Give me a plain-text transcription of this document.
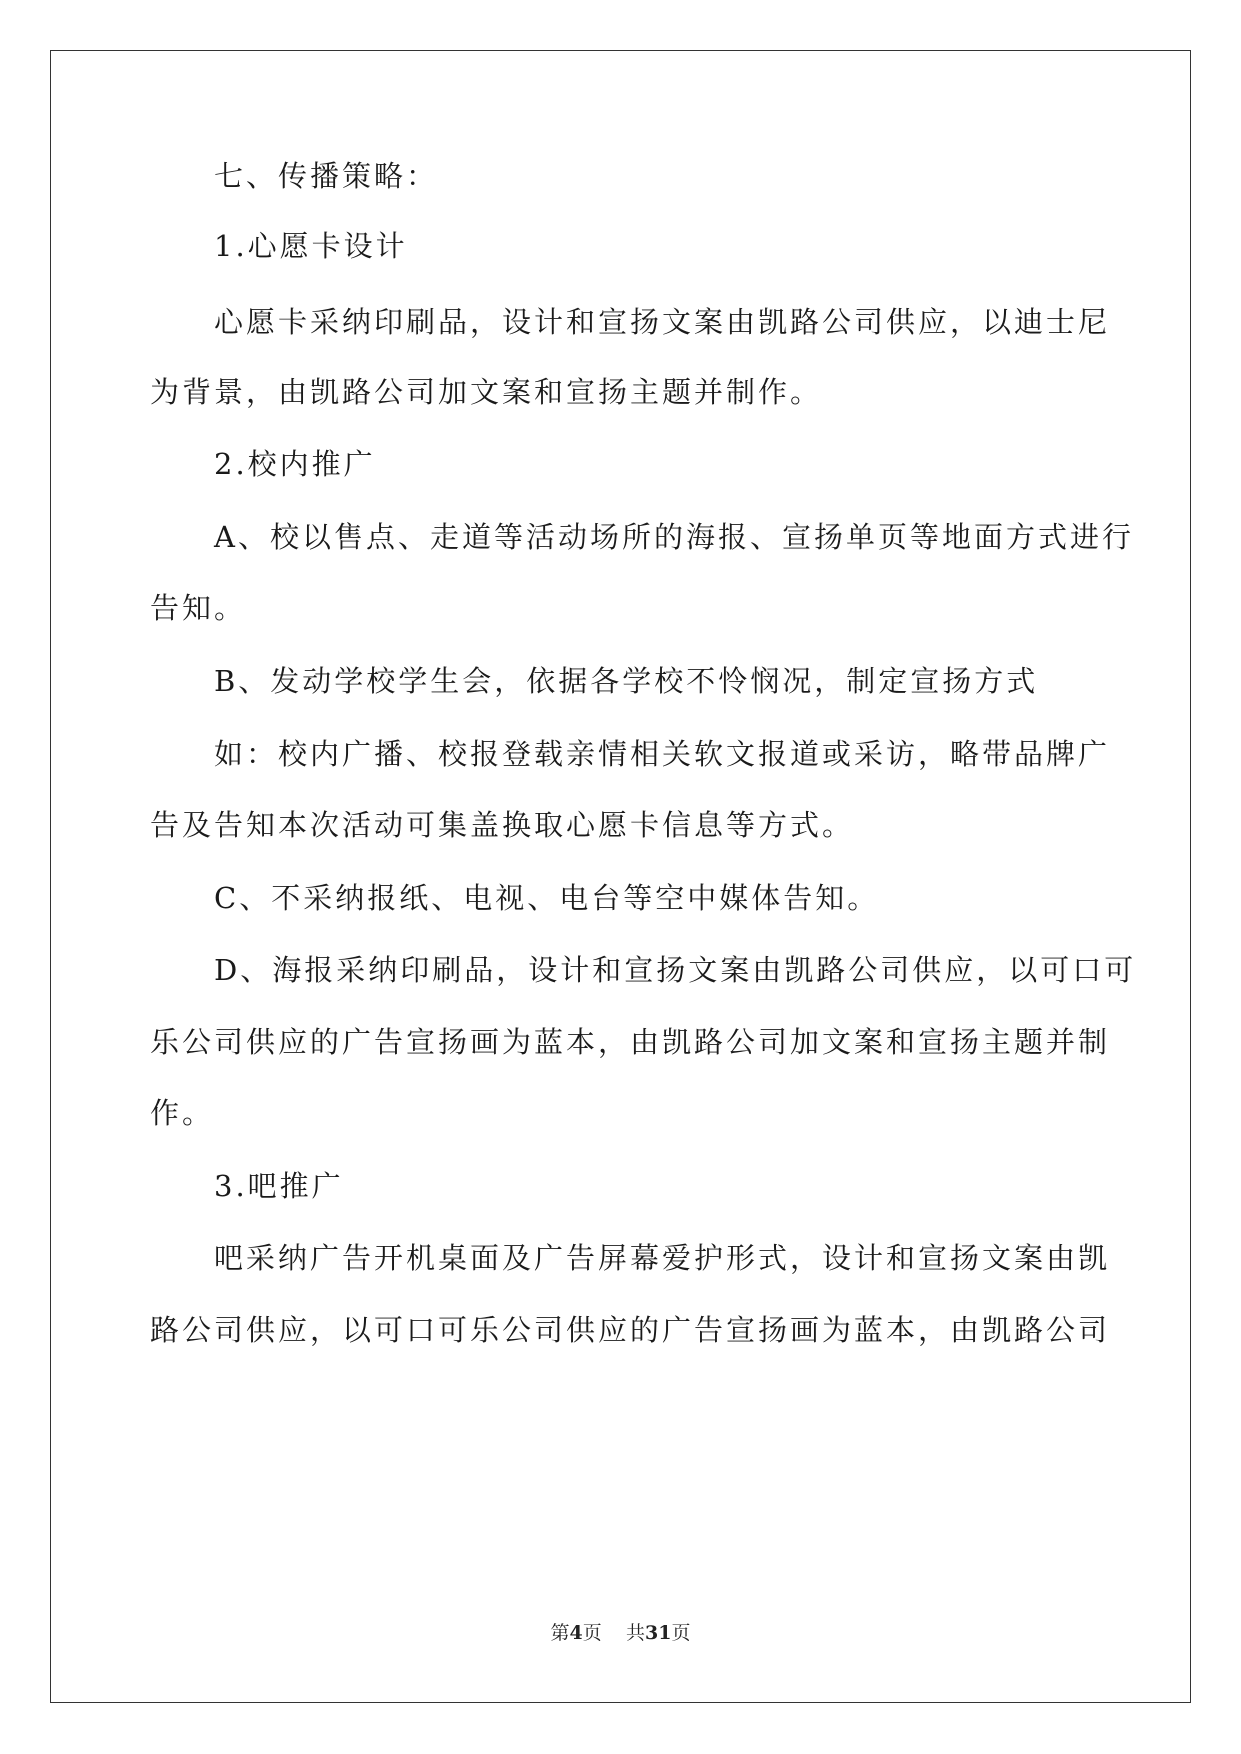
七、传播策略：
1.心愿卡设计
心愿卡采纳印刷品，设计和宣扬文案由凯路公司供应，以迪士尼
为背景，由凯路公司加文案和宣扬主题并制作。
2.校内推广
A、校以售点、走道等活动场所的海报、宣扬单页等地面方式进行
告知。
B、发动学校学生会，依据各学校不怜悯况，制定宣扬方式
如：校内广播、校报登载亲情相关软文报道或采访，略带品牌广
告及告知本次活动可集盖换取心愿卡信息等方式。
C、不采纳报纸、电视、电台等空中媒体告知。
D、海报采纳印刷品，设计和宣扬文案由凯路公司供应，以可口可
乐公司供应的广告宣扬画为蓝本，由凯路公司加文案和宣扬主题并制
作。
3.吧推广
吧采纳广告开机桌面及广告屏幕爱护形式，设计和宣扬文案由凯
路公司供应，以可口可乐公司供应的广告宣扬画为蓝本，由凯路公司
第4页 共31页
